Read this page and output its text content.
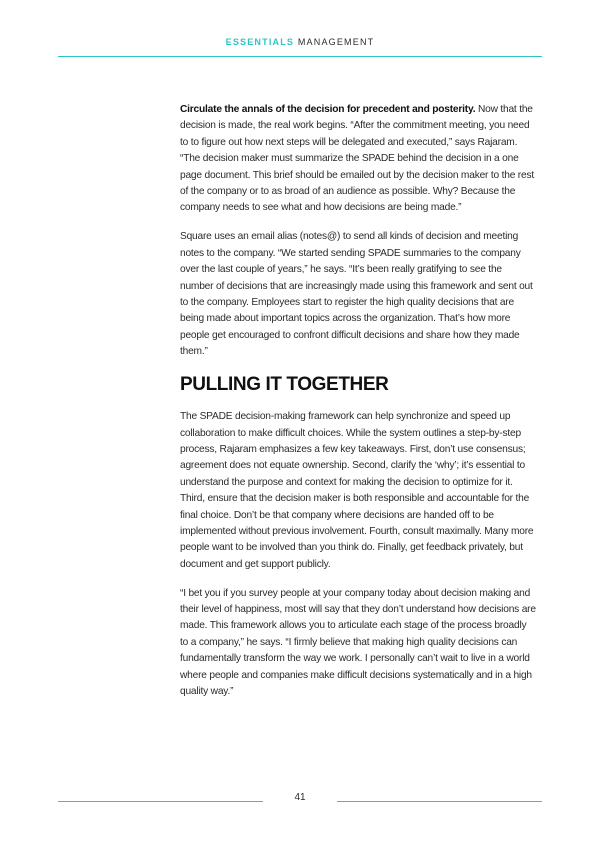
ESSENTIALS MANAGEMENT

Circulate the annals of the decision for precedent and posterity. Now that the decision is made, the real work begins. “After the commitment meeting, you need to to figure out how next steps will be delegated and executed,” says Rajaram. “The decision maker must summarize the SPADE behind the decision in a one page document. This brief should be emailed out by the decision maker to the rest of the company or to as broad of an audience as possible. Why? Because the company needs to see what and how decisions are being made.”

Square uses an email alias (notes@) to send all kinds of decision and meeting notes to the company. “We started sending SPADE summaries to the company over the last couple of years,” he says. “It’s been really gratifying to see the number of decisions that are increasingly made using this framework and sent out to the company. Employees start to register the high quality decisions that are being made about important topics across the organization. That’s how more people get encouraged to confront difficult decisions and share how they made them.”

PULLING IT TOGETHER

The SPADE decision-making framework can help synchronize and speed up collaboration to make difficult choices. While the system outlines a step-by-step process, Rajaram emphasizes a few key takeaways. First, don’t use consensus; agreement does not equate ownership. Second, clarify the ‘why’; it’s essential to understand the purpose and context for making the decision to optimize for it. Third, ensure that the decision maker is both responsible and accountable for the final choice. Don’t be that company where decisions are handed off to be implemented without previous involvement. Fourth, consult maximally. Many more people want to be involved than you think do. Finally, get feedback privately, but document and get support publicly.

“I bet you if you survey people at your company today about decision making and their level of happiness, most will say that they don’t understand how decisions are made. This framework allows you to articulate each stage of the process broadly to a company,” he says. “I firmly believe that making high quality decisions can fundamentally transform the way we work. I personally can’t wait to live in a world where people and companies make difficult decisions systematically and in a high quality way.”

41
